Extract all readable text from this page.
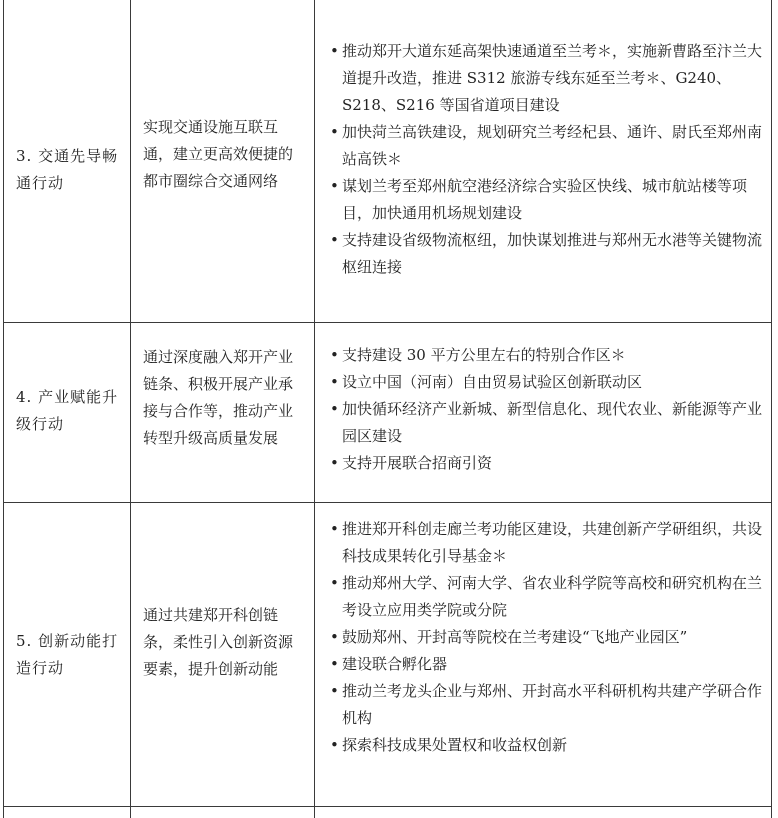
3. 交通先导畅通行动
实现交通设施互联互通，建立更高效便捷的都市圈综合交通网络
• 推动郑开大道东延高架快速通道至兰考＊，实施新曹路至汴兰大道提升改造，推进 S312 旅游专线东延至兰考＊、G240、S218、S216 等国省道项目建设
• 加快菏兰高铁建设，规划研究兰考经杞县、通许、尉氏至郑州南站高铁＊
• 谋划兰考至郑州航空港经济综合实验区快线、城市航站楼等项目，加快通用机场规划建设
• 支持建设省级物流枢纽，加快谋划推进与郑州无水港等关键物流枢纽连接
4. 产业赋能升级行动
通过深度融入郑开产业链条、积极开展产业承接与合作等，推动产业转型升级高质量发展
• 支持建设 30 平方公里左右的特别合作区＊
• 设立中国（河南）自由贸易试验区创新联动区
• 加快循环经济产业新城、新型信息化、现代农业、新能源等产业园区建设
• 支持开展联合招商引资
5. 创新动能打造行动
通过共建郑开科创链条，柔性引入创新资源要素，提升创新动能
• 推进郑开科创走廊兰考功能区建设，共建创新产学研组织，共设科技成果转化引导基金＊
• 推动郑州大学、河南大学、省农业科学院等高校和研究机构在兰考设立应用类学院或分院
• 鼓励郑州、开封高等院校在兰考建设“飞地产业园区”
• 建设联合孵化器
• 推动兰考龙头企业与郑州、开封高水平科研机构共建产学研合作机构
• 探索科技成果处置权和收益权创新
